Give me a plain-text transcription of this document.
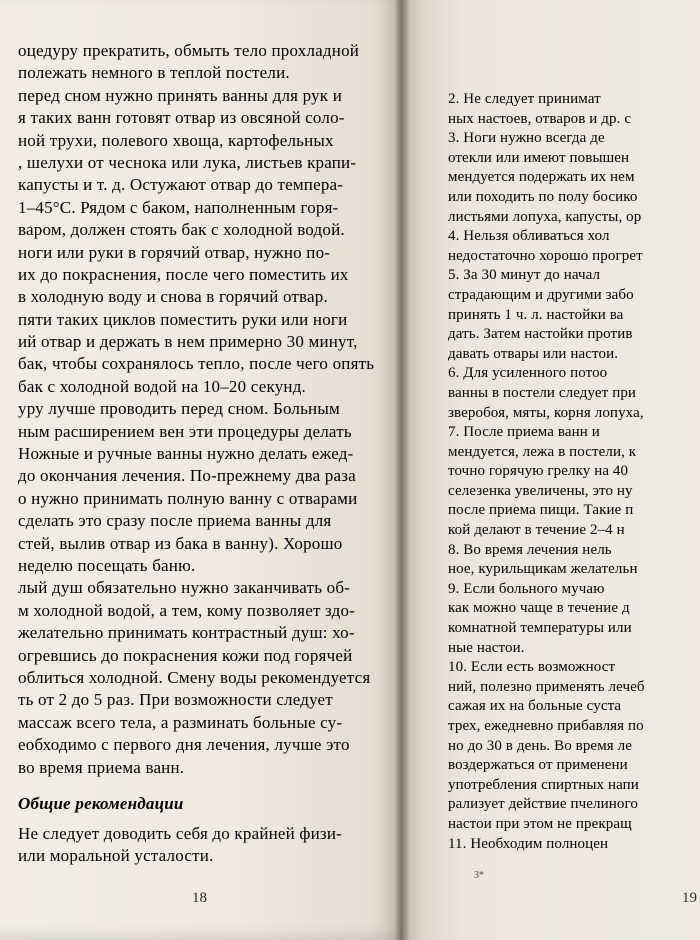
оцедуру прекратить, обмыть тело прохладной
полежать немного в теплой постели.
перед сном нужно принять ванны для рук и
я таких ванн готовят отвар из овсяной соло-
ной трухи, полевого хвоща, картофельных
, шелухи от чеснока или лука, листьев крапи-
капусты и т. д. Остужают отвар до темпера-
1–45°C. Рядом с баком, наполненным горя-
варом, должен стоять бак с холодной водой.
ноги или руки в горячий отвар, нужно по-
их до покраснения, после чего поместить их
в холодную воду и снова в горячий отвар.
пяти таких циклов поместить руки или ноги
ий отвар и держать в нем примерно 30 минут,
бак, чтобы сохранялось тепло, после чего опять
бак с холодной водой на 10–20 секунд.
уру лучше проводить перед сном. Больным
ным расширением вен эти процедуры делать
Ножные и ручные ванны нужно делать ежед-
до окончания лечения. По-прежнему два раза
о нужно принимать полную ванну с отварами
сделать это сразу после приема ванны для
стей, вылив отвар из бака в ванну). Хорошо
неделю посещать баню.
лый душ обязательно нужно заканчивать об-
м холодной водой, а тем, кому позволяет здо-
желательно принимать контрастный душ: хо-
огревшись до покраснения кожи под горячей
облиться холодной. Смену воды рекомендуется
ть от 2 до 5 раз. При возможности следует
массаж всего тела, а разминать больные су-
еобходимо с первого дня лечения, лучше это
во время приема ванн.
Общие рекомендации
Не следует доводить себя до крайней физи-
или моральной усталости.
2. Не следует принимат
ных настоев, отваров и др. с
3. Ноги нужно всегда де
отекли или имеют повышен
мендуется подержать их нем
или походить по полу босико
листьями лопуха, капусты, ор
4. Нельзя обливаться хол
недостаточно хорошо прогрет
5. За 30 минут до начал
страдающим и другими забо
принять 1 ч. л. настойки ва
дать. Затем настойки против
давать отвары или настои.
6. Для усиленного потоо
ванны в постели следует при
зверобоя, мяты, корня лопуха,
7. После приема ванн и
мендуется, лежа в постели, к
точно горячую грелку на 40
селезенка увеличены, это ну
после приема пищи. Такие п
кой делают в течение 2–4 н
8. Во время лечения нель
ное, курильщикам желательн
9. Если больного мучаю
как можно чаще в течение д
комнатной температуры или
ные настои.
10. Если есть возможност
ний, полезно применять лечеб
сажая их на больные суста
трех, ежедневно прибавляя по
но до 30 в день. Во время ле
воздержаться от применени
употребления спиртных напи
рализует действие пчелиного
настои при этом не прекращ
11. Необходим полноцен
18
3*
19
